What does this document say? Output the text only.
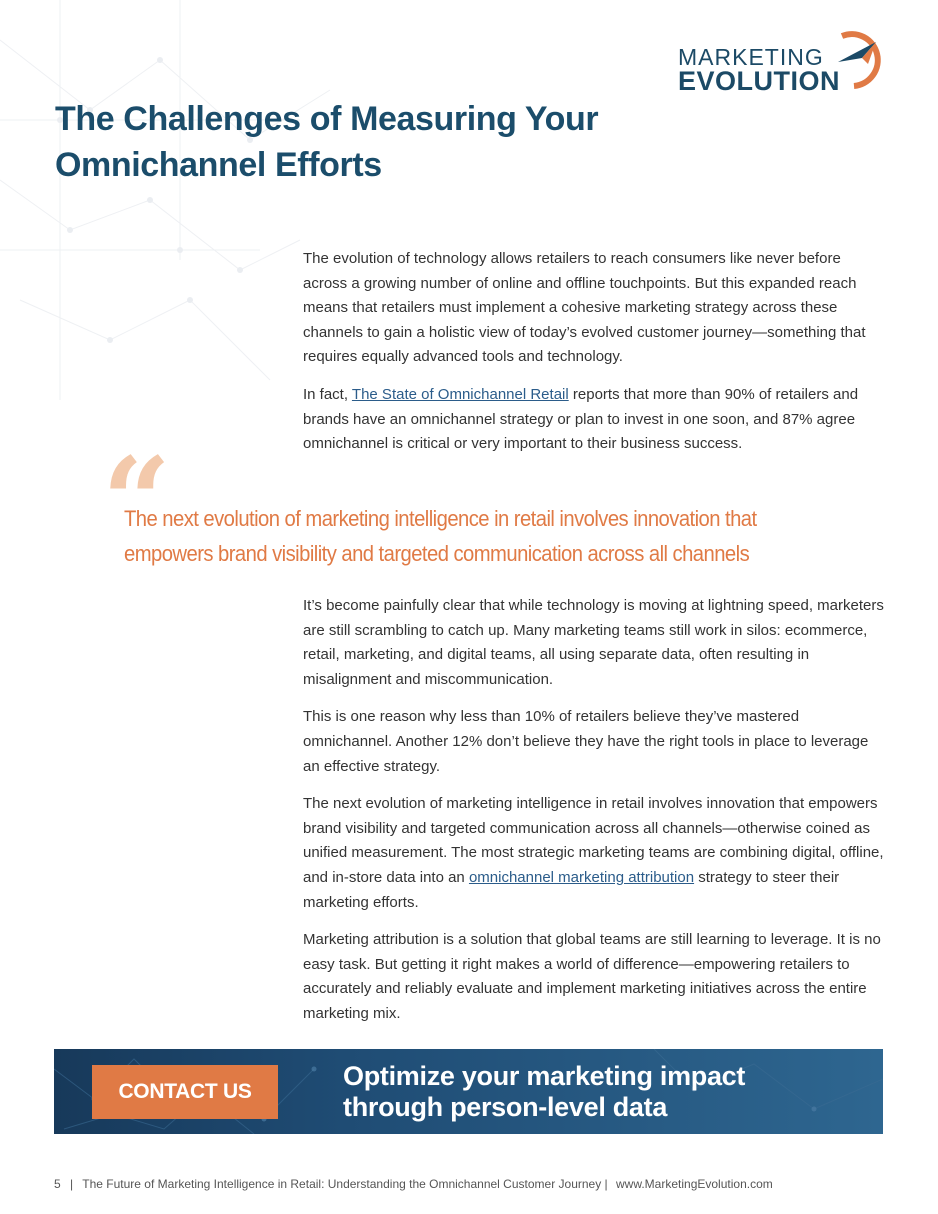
MARKETING
EVOLUTION
The Challenges of Measuring Your
Omnichannel Efforts

The evolution of technology allows retailers to reach consumers like never before across a growing number of online and offline touchpoints. But this expanded reach means that retailers must implement a cohesive marketing strategy across these channels to gain a holistic view of today’s evolved customer journey—something that requires equally advanced tools and technology.

In fact, The State of Omnichannel Retail reports that more than 90% of retailers and brands have an omnichannel strategy or plan to invest in one soon, and 87% agree omnichannel is critical or very important to their business success.

“

The next evolution of marketing intelligence in retail involves innovation that
empowers brand visibility and targeted communication across all channels

It’s become painfully clear that while technology is moving at lightning speed, marketers are still scrambling to catch up. Many marketing teams still work in silos: ecommerce, retail, marketing, and digital teams, all using separate data, often resulting in misalignment and miscommunication.

This is one reason why less than 10% of retailers believe they’ve mastered omnichannel. Another 12% don’t believe they have the right tools in place to leverage an effective strategy.

The next evolution of marketing intelligence in retail involves innovation that empowers brand visibility and targeted communication across all channels—otherwise coined as unified measurement. The most strategic marketing teams are combining digital, offline, and in-store data into an omnichannel marketing attribution strategy to steer their marketing efforts.

Marketing attribution is a solution that global teams are still learning to leverage. It is no easy task. But getting it right makes a world of difference—empowering retailers to accurately and reliably evaluate and implement marketing initiatives across the entire marketing mix.

CONTACT US
Optimize your marketing impact
through person-level data
5 | The Future of Marketing Intelligence in Retail: Understanding the Omnichannel Customer Journey | www.MarketingEvolution.com
